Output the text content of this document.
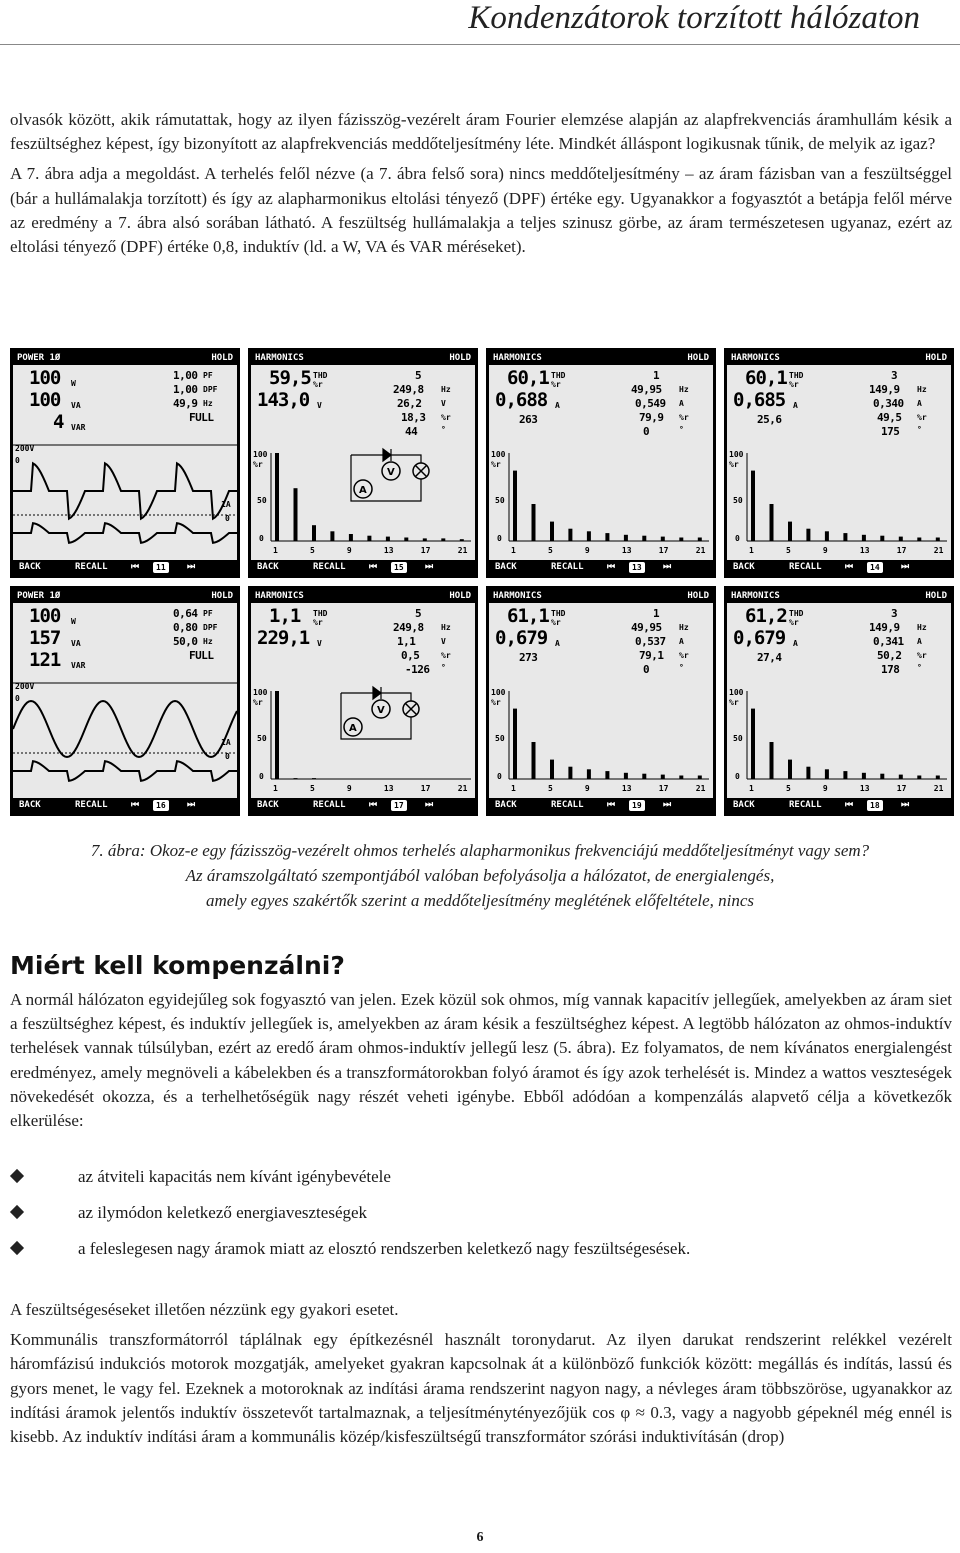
Kondenzátorok torzított hálózaton

olvasók között, akik rámutattak, hogy az ilyen fázisszög-vezérelt áram Fourier elemzése alapján az alapfrekvenciás áramhullám késik a feszültséghez képest, így bizonyított az alapfrekvenciás meddőteljesítmény léte. Mindkét álláspont logikusnak tűnik, de melyik az igaz?

A 7. ábra adja a megoldást. A terhelés felől nézve (a 7. ábra felső sora) nincs meddőteljesítmény – az áram fázisban van a feszültséggel (bár a hullámalakja torzított) és így az alapharmonikus eltolási tényező (DPF) értéke egy. Ugyanakkor a fogyasztót a betápja felől mérve az eredmény a 7. ábra alsó sorában látható. A feszültség hullámalakja a teljes szinusz görbe, az áram természetesen ugyanaz, ezért az eltolási tényező (DPF) értéke 0,8, induktív (ld. a W, VA és VAR méréseket).

POWER 1Ø	HOLD
100 W
100 VA
4 VAR
1,00 PF
1,00 DPF
49,9 Hz
FULL
200V
0
1A
0
BACK	RECALL	⏮	11	⏭
HARMONICS	HOLD
59,5 THD %r
143,0 V
5
249,8 Hz
26,2 V
18,3 %r
44	°
100
%r
50
0
1	5	9	13	17	21
V
A
BACK	RECALL	⏮	15	⏭
HARMONICS	HOLD
60,1 THD %r
0,688 A
263
1
49,95 Hz
0,549 A
79,9 %r
0	°
100
%r
50
0
1	5	9	13	17	21
BACK	RECALL	⏮	13	⏭
HARMONICS	HOLD
60,1 THD %r
0,685 A
25,6
3
149,9 Hz
0,340 A
49,5 %r
175 °
100
%r
50
0
1	5	9	13	17	21
BACK	RECALL	⏮	14	⏭
POWER 1Ø	HOLD
100 W
157 VA
121 VAR
0,64 PF
0,80 DPF
50,0 Hz
FULL
200V
0
1A
0
BACK	RECALL	⏮	16	⏭
HARMONICS	HOLD
1,1 THD %r
229,1 V
5
249,8 Hz
1,1	V
0,5	%r
-126 °
100
%r
50
0
1	5	9	13	17	21
V
A
BACK	RECALL	⏮	17	⏭
HARMONICS	HOLD
61,1 THD %r
0,679 A
273
1
49,95 Hz
0,537 A
79,1 %r
0	°
100
%r
50
0
1	5	9	13	17	21
BACK	RECALL	⏮	19	⏭
HARMONICS	HOLD
61,2 THD %r
0,679 A
27,4
3
149,9 Hz
0,341 A
50,2 %r
178 °
100
%r
50
0
1	5	9	13	17	21
BACK	RECALL	⏮	18	⏭
7. ábra: Okoz-e egy fázisszög-vezérelt ohmos terhelés alapharmonikus frekvenciájú meddőteljesítményt vagy sem?
Az áramszolgáltató szempontjából valóban befolyásolja a hálózatot, de energialengés,
amely egyes szakértők szerint a meddőteljesítmény meglétének előfeltétele, nincs
Miért kell kompenzálni?

A normál hálózaton egyidejűleg sok fogyasztó van jelen. Ezek közül sok ohmos, míg vannak kapacitív jellegűek, amelyekben az áram siet a feszültséghez képest, és induktív jellegűek is, amelyekben az áram késik a feszültséghez képest. A legtöbb hálózaton az ohmos-induktív terhelések vannak túlsúlyban, ezért az eredő áram ohmos-induktív jellegű lesz (5. ábra). Ez folyamatos, de nem kívánatos energialengést eredményez, amely megnöveli a kábelekben és a transzformátorokban folyó áramot és így azok terhelését is. Mindez a wattos veszteségek növekedését okozza, és a terhelhetőségük nagy részét veheti igénybe. Ebből adódóan a kompenzálás alapvető célja a következők elkerülése:

az átviteli kapacitás nem kívánt igénybevétele
az ilymódon keletkező energiaveszteségek
a feleslegesen nagy áramok miatt az elosztó rendszerben keletkező nagy feszültségesések.

A feszültségeséseket illetően nézzünk egy gyakori esetet.

Kommunális transzformátorról táplálnak egy építkezésnél használt toronydarut. Az ilyen darukat rendszerint relékkel vezérelt háromfázisú indukciós motorok mozgatják, amelyeket gyakran kapcsolnak át a különböző funkciók között: megállás és indítás, lassú és gyors menet, le vagy fel. Ezeknek a motoroknak az indítási árama rendszerint nagyon nagy, a névleges áram többszöröse, ugyanakkor az indítási áramok jelentős induktív összetevőt tartalmaznak, a teljesítménytényezőjük cos φ ≈ 0.3, vagy a nagyobb gépeknél még ennél is kisebb. Az induktív indítási áram a kommunális közép/kisfeszültségű transzformátor szórási induktivításán (drop)

6
